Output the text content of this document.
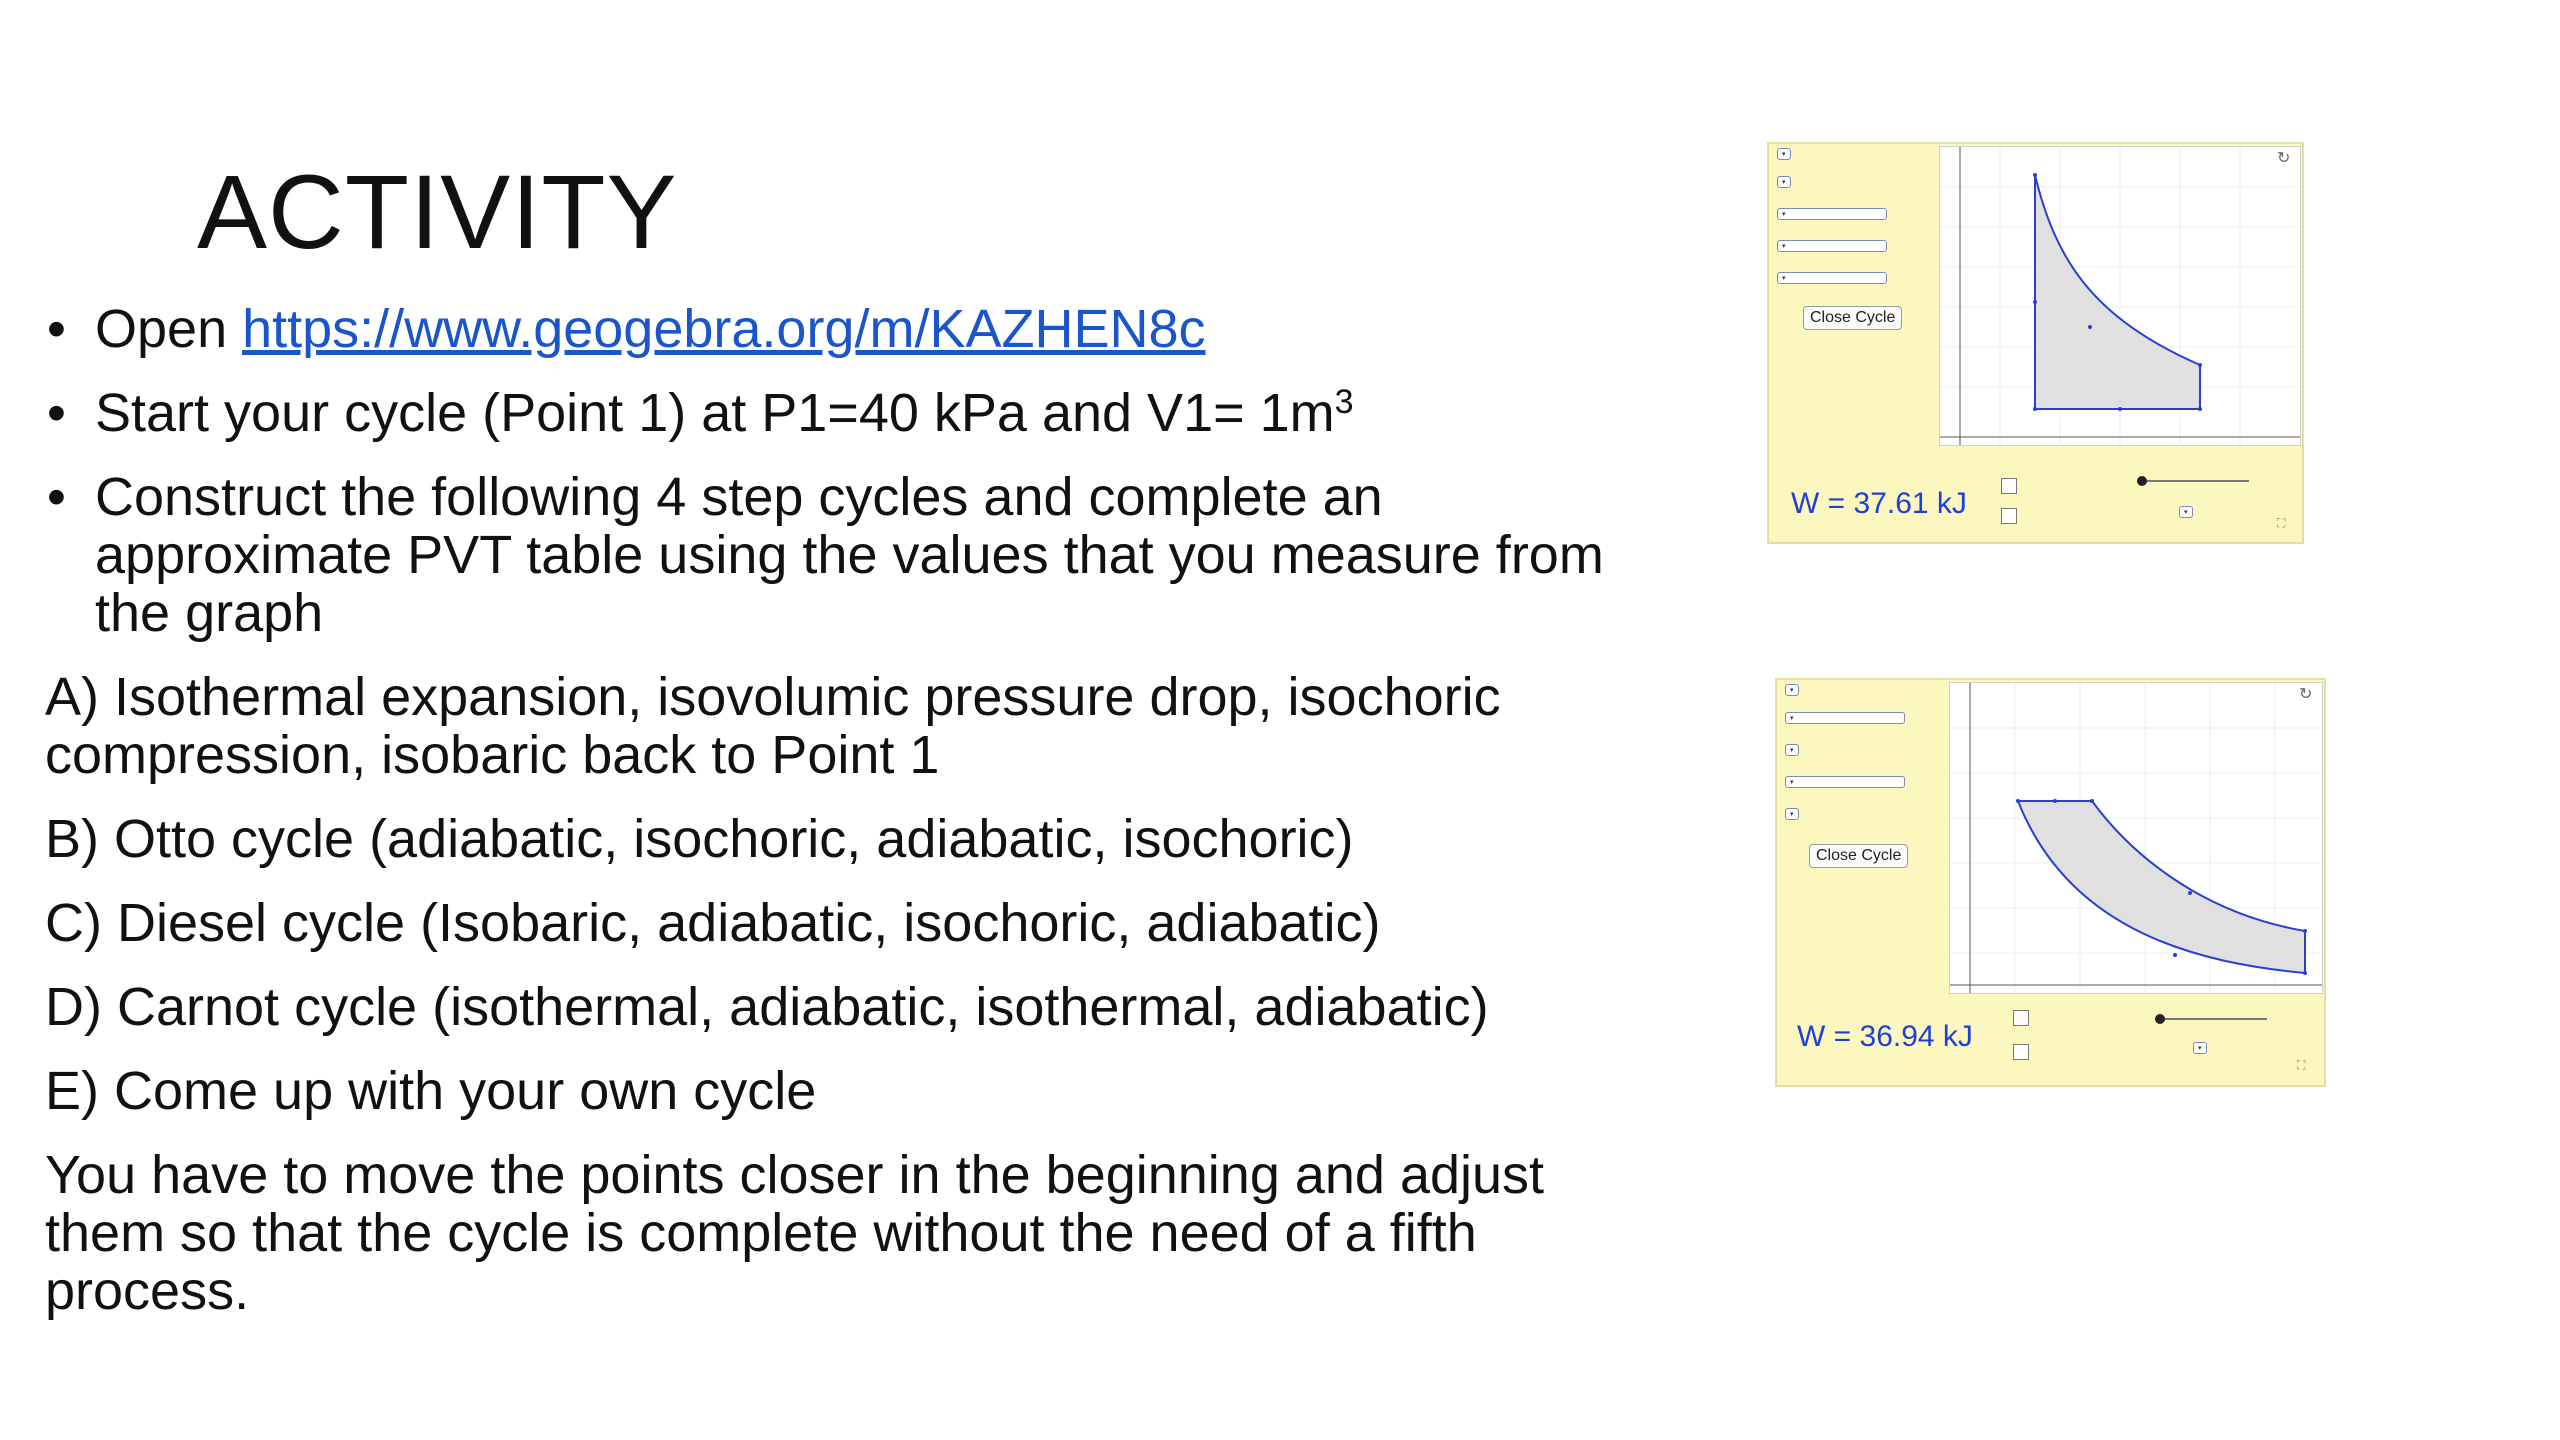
ACTIVITY
• Open https://www.geogebra.org/m/KAZHEN8c
• Start your cycle (Point 1) at P1=40 kPa and $V1= 1m^3$
• Construct the following 4 step cycles and complete an approximate PVT table using the values that you measure from the graph
A) Isothermal expansion, isovolumic pressure drop, isochoric compression, isobaric back to Point 1
B) Otto cycle (adiabatic, isochoric, adiabatic, isochoric)
C) Diesel cycle (Isobaric, adiabatic, isochoric, adiabatic)
D) Carnot cycle (isothermal, adiabatic, isothermal, adiabatic)
E) Come up with your own cycle
You have to move the points closer in the beginning and adjust them so that the cycle is complete without the need of a fifth process.
▾
▾
▾
▾
▾
Close Cycle
↻
W = 37.61 kJ	▾
⛶
▾
▾
▾
▾
▾
Close Cycle
↻
W = 36.94 kJ	▾
⛶
